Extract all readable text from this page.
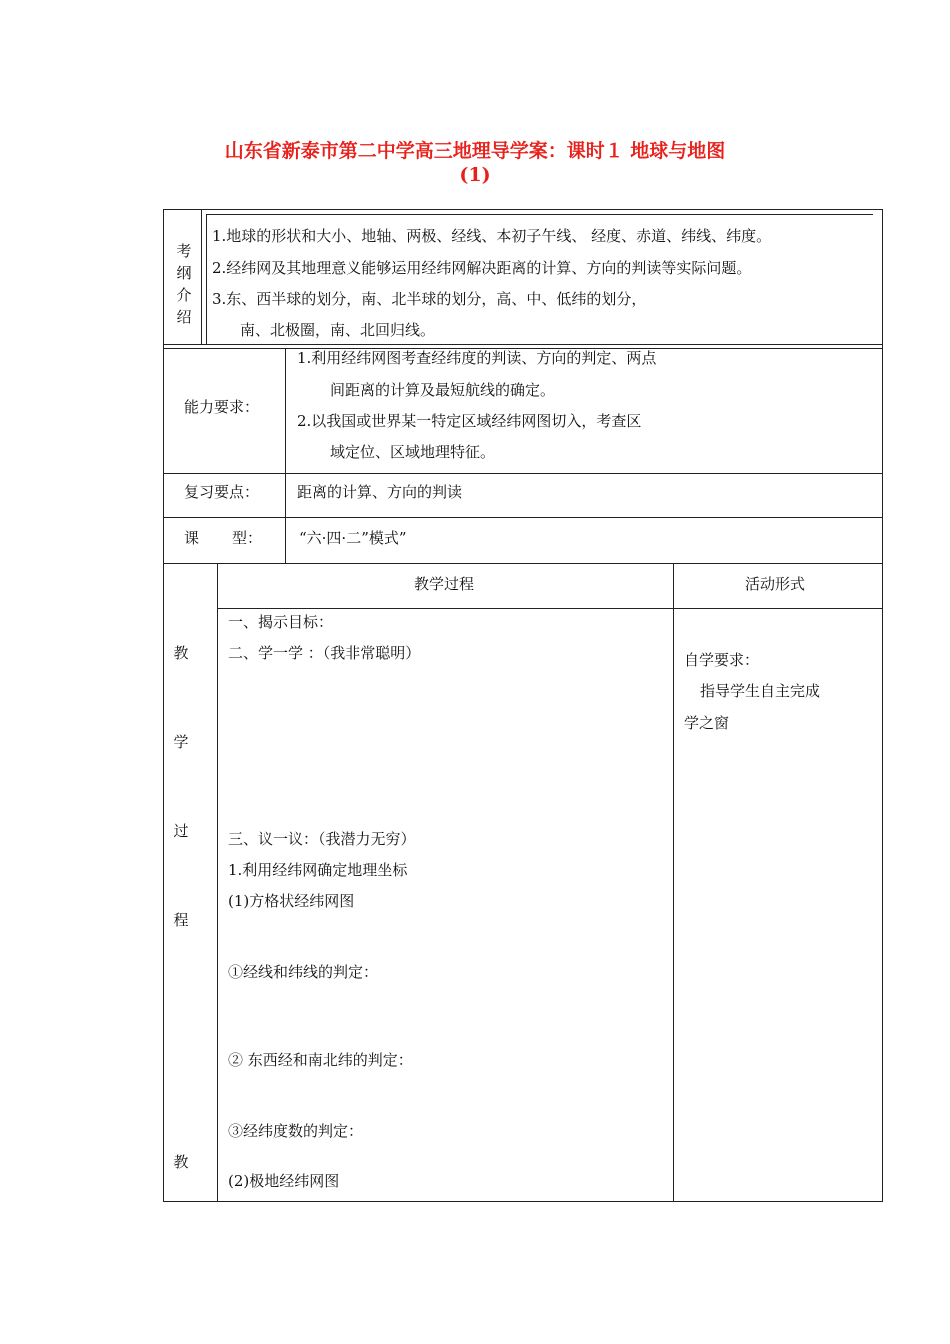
山东省新泰市第二中学高三地理导学案：课时１ 地球与地图
(1)
考
纲
介
绍
1.地球的形状和大小、地轴、两极、经线、本初子午线、 经度、赤道、纬线、纬度。
2.经纬网及其地理意义能够运用经纬网解决距离的计算、方向的判读等实际问题。
3.东、西半球的划分，南、北半球的划分，高、中、低纬的划分，
南、北极圈，南、北回归线。
能力要求：
1.利用经纬网图考查经纬度的判读、方向的判定、两点
间距离的计算及最短航线的确定。
2.以我国或世界某一特定区域经纬网图切入，考查区
域定位、区域地理特征。
复习要点：	距离的计算、方向的判读
课 型： “六·四·二”模式”
教
学
过
程
教
教学过程	活动形式
一、揭示目标：
二、学一学 ：（我非常聪明）
三、议一议：（我潜力无穷）
1.利用经纬网确定地理坐标
(1)方格状经纬网图
①经线和纬线的判定：
② 东西经和南北纬的判定：
③经纬度数的判定：
(2)极地经纬网图
自学要求：
指导学生自主完成
学之窗
